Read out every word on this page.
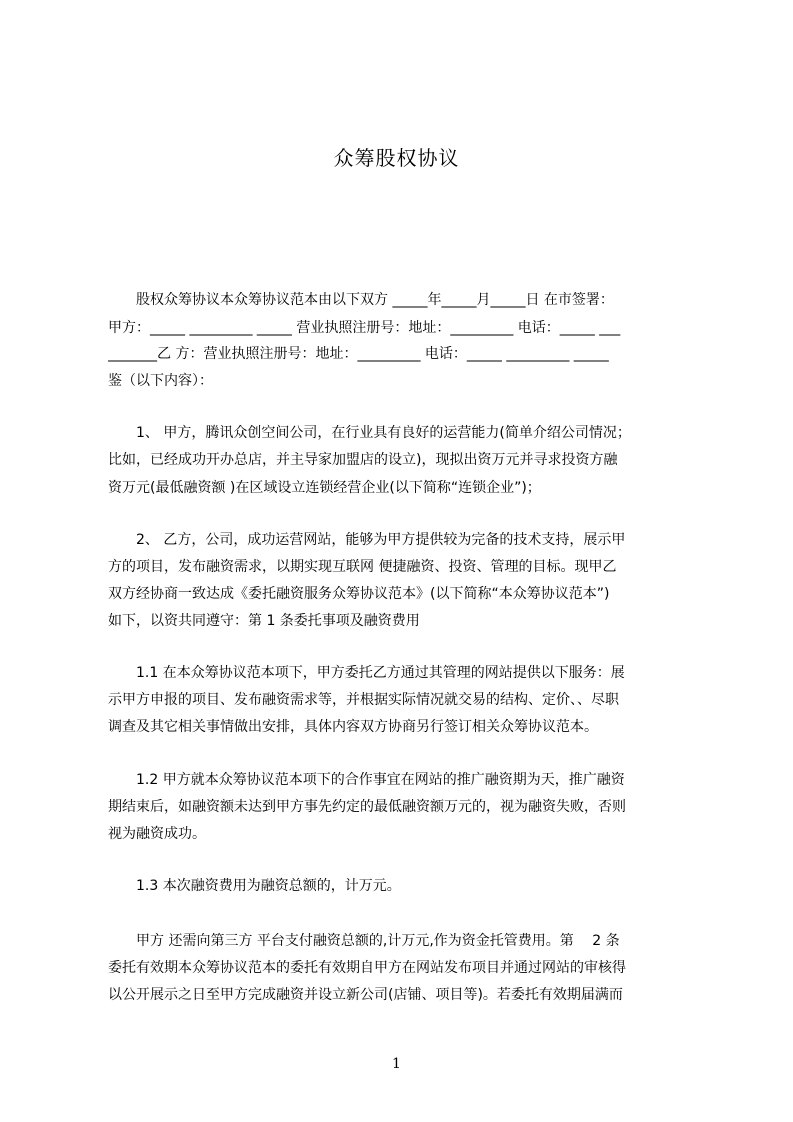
众筹股权协议
　　股权众筹协议本众筹协议范本由以下双方 _____年_____月_____日 在市签署：
甲方：_____ _________ _____ 营业执照注册号：地址：_________ 电话：_____ ___
_______乙 方：营业执照注册号：地址：_________ 电话：_____ _________ _____
鉴（以下内容）：
　　1、 甲方，腾讯众创空间公司，在行业具有良好的运营能力(简单介绍公司情况；
比如，已经成功开办总店，并主导家加盟店的设立)，现拟出资万元并寻求投资方融
资万元(最低融资额 )在区域设立连锁经营企业(以下简称“连锁企业”)；
　　2、 乙方，公司，成功运营网站，能够为甲方提供较为完备的技术支持，展示甲
方的项目，发布融资需求，以期实现互联网 便捷融资、投资、管理的目标。现甲乙
双方经协商一致达成《委托融资服务众筹协议范本》(以下简称“本众筹协议范本”)
如下，以资共同遵守：第 1 条委托事项及融资费用
　　1.1 在本众筹协议范本项下，甲方委托乙方通过其管理的网站提供以下服务：展
示甲方申报的项目、发布融资需求等，并根据实际情况就交易的结构、定价、、尽职
调查及其它相关事情做出安排，具体内容双方协商另行签订相关众筹协议范本。
　　1.2 甲方就本众筹协议范本项下的合作事宜在网站的推广融资期为天，推广融资
期结束后，如融资额未达到甲方事先约定的最低融资额万元的，视为融资失败，否则
视为融资成功。
　　1.3 本次融资费用为融资总额的，计万元。
　　甲方 还需向第三方 平台支付融资总额的,计万元,作为资金托管费用。第　 2 条
委托有效期本众筹协议范本的委托有效期自甲方在网站发布项目并通过网站的审核得
以公开展示之日至甲方完成融资并设立新公司(店铺、项目等)。若委托有效期届满而
1
